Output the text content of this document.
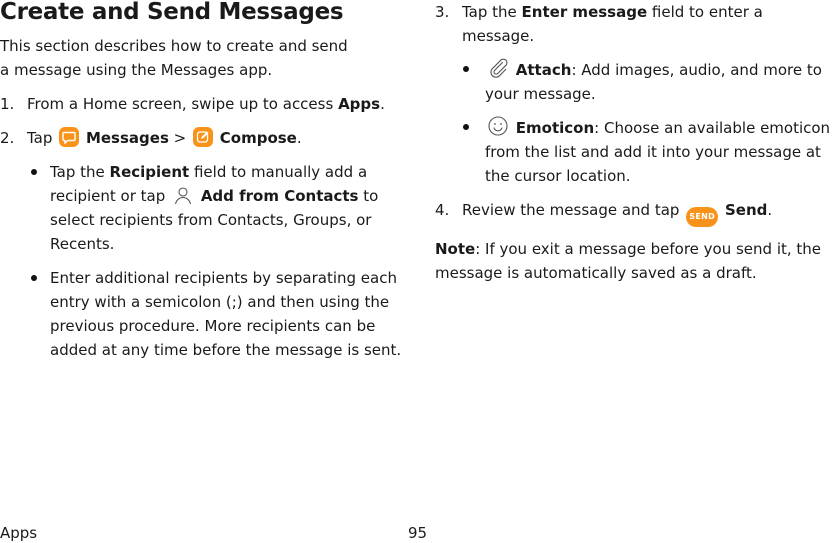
Create and Send Messages

This section describes how to create and send a message using the Messages app.

1. From a Home screen, swipe up to access Apps.
2. Tap  Messages >  Compose.
Tap the Recipient field to manually add a recipient or tap  Add from Contacts to select recipients from Contacts, Groups, or Recents.
Enter additional recipients by separating each entry with a semicolon (;) and then using the previous procedure. More recipients can be added at any time before the message is sent.
3. Tap the Enter message field to enter a message.
Attach: Add images, audio, and more to your message.
Emoticon: Choose an available emoticon from the list and add it into your message at the cursor location.
4. Review the message and tap SEND Send.

Note: If you exit a message before you send it, the message is automatically saved as a draft.

Apps	95
